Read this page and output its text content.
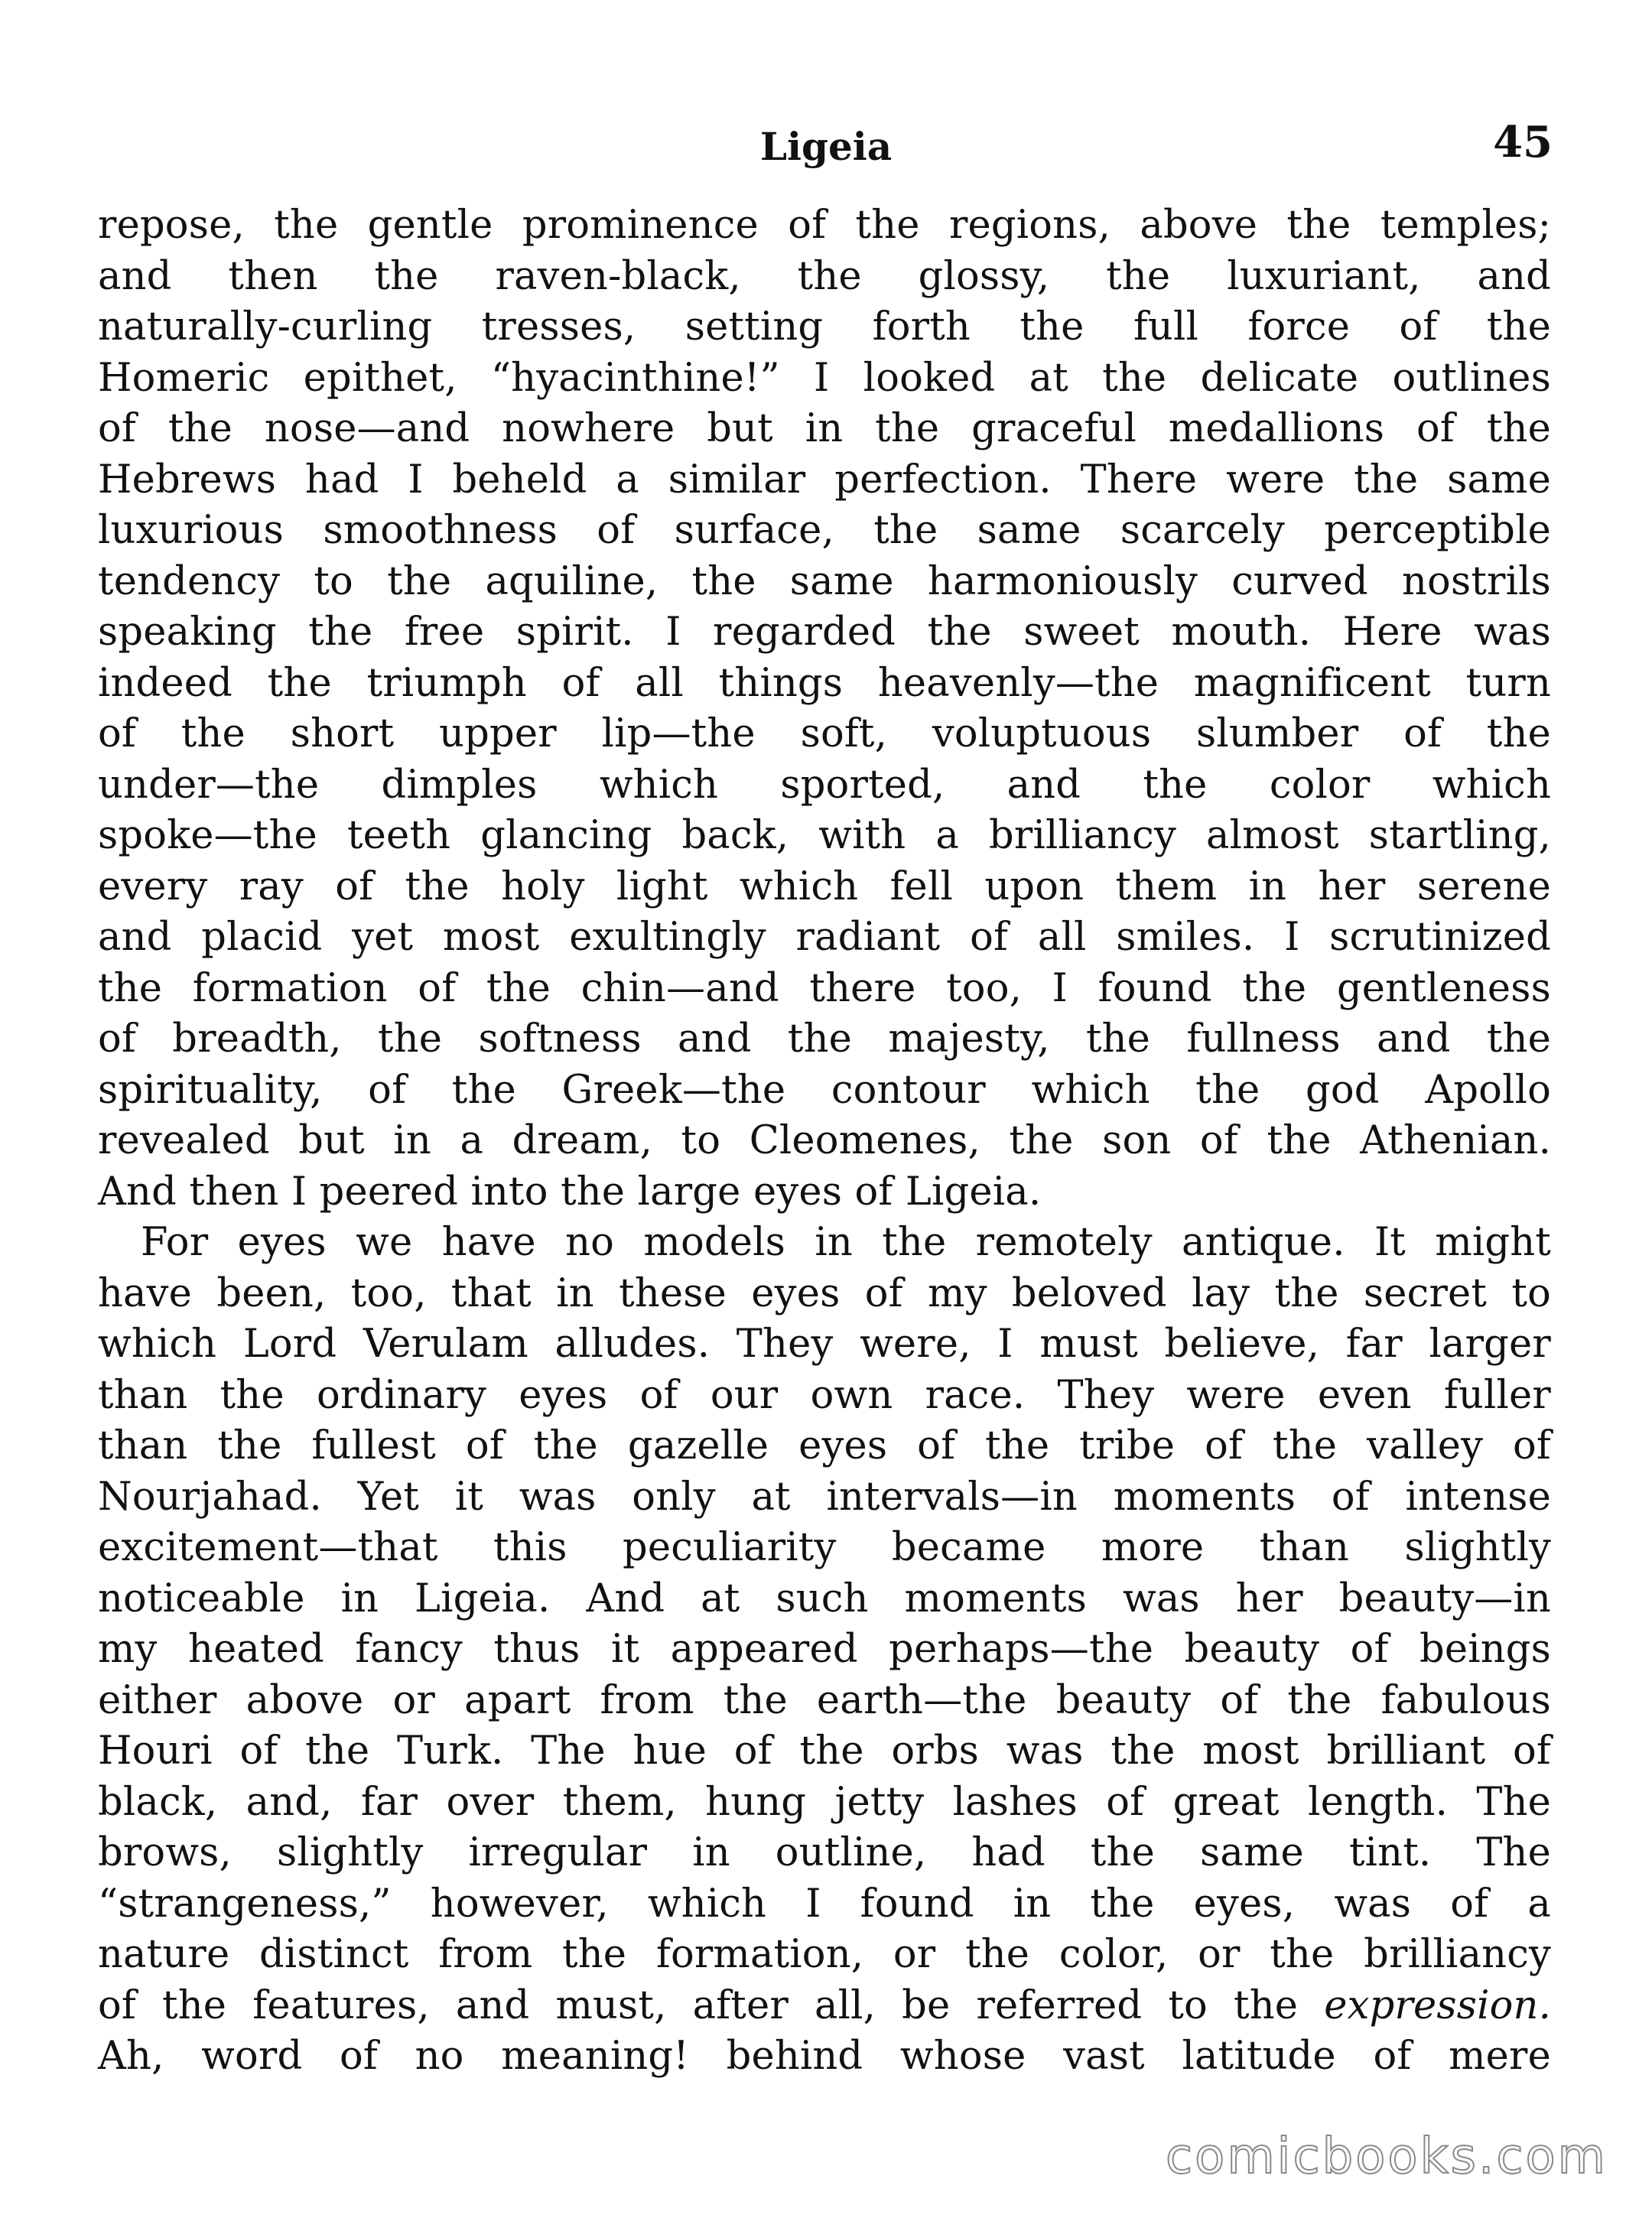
Ligeia	45
repose, the gentle prominence of the regions, above the temples;
and then the raven-black, the glossy, the luxuriant, and
naturally-curling tresses, setting forth the full force of the
Homeric epithet, “hyacinthine!” I looked at the delicate outlines
of the nose—and nowhere but in the graceful medallions of the
Hebrews had I beheld a similar perfection. There were the same
luxurious smoothness of surface, the same scarcely perceptible
tendency to the aquiline, the same harmoniously curved nostrils
speaking the free spirit. I regarded the sweet mouth. Here was
indeed the triumph of all things heavenly—the magnificent turn
of the short upper lip—the soft, voluptuous slumber of the
under—the dimples which sported, and the color which
spoke—the teeth glancing back, with a brilliancy almost startling,
every ray of the holy light which fell upon them in her serene
and placid yet most exultingly radiant of all smiles. I scrutinized
the formation of the chin—and there too, I found the gentleness
of breadth, the softness and the majesty, the fullness and the
spirituality, of the Greek—the contour which the god Apollo
revealed but in a dream, to Cleomenes, the son of the Athenian.
And then I peered into the large eyes of Ligeia.
For eyes we have no models in the remotely antique. It might
have been, too, that in these eyes of my beloved lay the secret to
which Lord Verulam alludes. They were, I must believe, far larger
than the ordinary eyes of our own race. They were even fuller
than the fullest of the gazelle eyes of the tribe of the valley of
Nourjahad. Yet it was only at intervals—in moments of intense
excitement—that this peculiarity became more than slightly
noticeable in Ligeia. And at such moments was her beauty—in
my heated fancy thus it appeared perhaps—the beauty of beings
either above or apart from the earth—the beauty of the fabulous
Houri of the Turk. The hue of the orbs was the most brilliant of
black, and, far over them, hung jetty lashes of great length. The
brows, slightly irregular in outline, had the same tint. The
“strangeness,” however, which I found in the eyes, was of a
nature distinct from the formation, or the color, or the brilliancy
of the features, and must, after all, be referred to the expression.
Ah, word of no meaning! behind whose vast latitude of mere
comicbooks.com
